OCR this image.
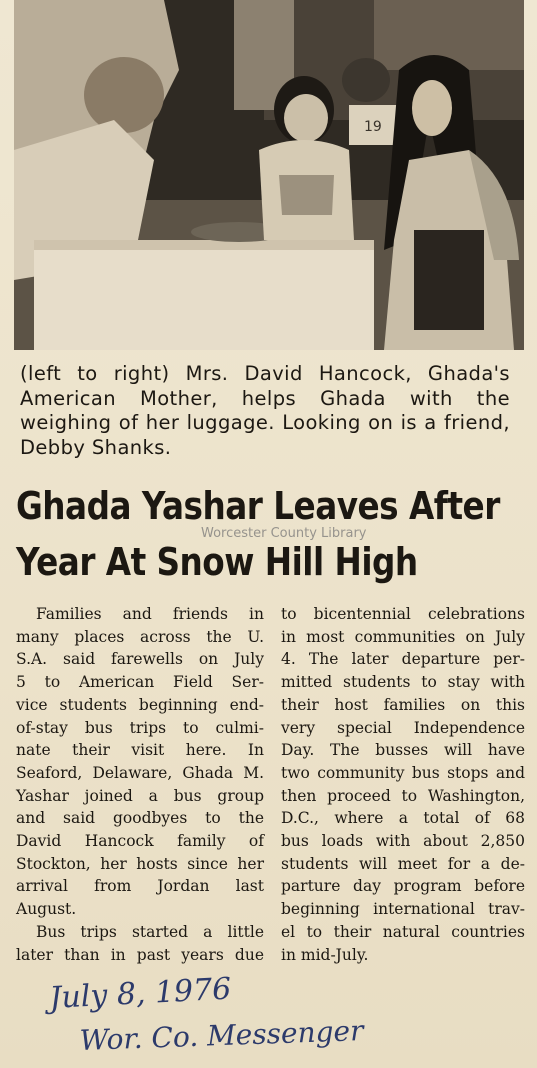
19
(left to right) Mrs. David Hancock, Ghada's American Mother, helps Ghada with the weighing of her luggage. Looking on is a friend, Debby Shanks.
Ghada Yashar Leaves After
Year At Snow Hill High
Worcester County Library
Families and friends in
many places across the U.
S.A. said farewells on July
5 to American Field Ser-
vice students beginning end-
of-stay bus trips to culmi-
nate their visit here. In
Seaford, Delaware, Ghada M.
Yashar joined a bus group
and said goodbyes to the
David Hancock family of
Stockton, her hosts since her
arrival from Jordan last
August.
Bus trips started a little
later than in past years due
to bicentennial celebrations
in most communities on July
4. The later departure per-
mitted students to stay with
their host families on this
very special Independence
Day. The busses will have
two community bus stops and
then proceed to Washington,
D.C., where a total of 68
bus loads with about 2,850
students will meet for a de-
parture day program before
beginning international trav-
el to their natural countries
in mid-July.
July 8, 1976
Wor. Co. Messenger
